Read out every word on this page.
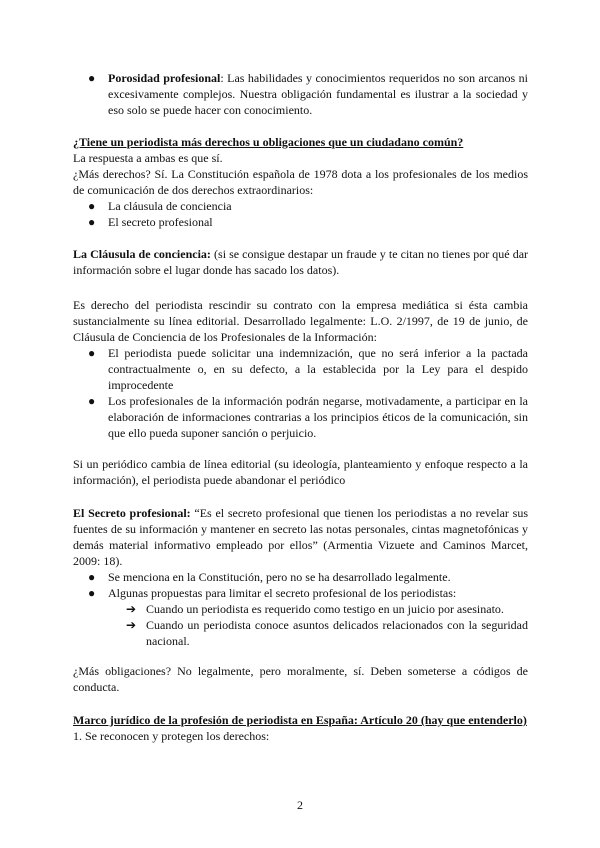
● Porosidad profesional: Las habilidades y conocimientos requeridos no son arcanos ni excesivamente complejos. Nuestra obligación fundamental es ilustrar a la sociedad y eso solo se puede hacer con conocimiento.

¿Tiene un periodista más derechos u obligaciones que un ciudadano común?

La respuesta a ambas es que sí.

¿Más derechos? Sí. La Constitución española de 1978 dota a los profesionales de los medios de comunicación de dos derechos extraordinarios:

● La cláusula de conciencia
● El secreto profesional

La Cláusula de conciencia: (si se consigue destapar un fraude y te citan no tienes por qué dar información sobre el lugar donde has sacado los datos).

Es derecho del periodista rescindir su contrato con la empresa mediática si ésta cambia sustancialmente su línea editorial. Desarrollado legalmente: L.O. 2/1997, de 19 de junio, de Cláusula de Conciencia de los Profesionales de la Información:

● El periodista puede solicitar una indemnización, que no será inferior a la pactada contractualmente o, en su defecto, a la establecida por la Ley para el despido improcedente
● Los profesionales de la información podrán negarse, motivadamente, a participar en la elaboración de informaciones contrarias a los principios éticos de la comunicación, sin que ello pueda suponer sanción o perjuicio.

Si un periódico cambia de línea editorial (su ideología, planteamiento y enfoque respecto a la información), el periodista puede abandonar el periódico

El Secreto profesional: “Es el secreto profesional que tienen los periodistas a no revelar sus fuentes de su información y mantener en secreto las notas personales, cintas magnetofónicas y demás material informativo empleado por ellos” (Armentia Vizuete and Caminos Marcet, 2009: 18).

● Se menciona en la Constitución, pero no se ha desarrollado legalmente.
● Algunas propuestas para limitar el secreto profesional de los periodistas:
➔ Cuando un periodista es requerido como testigo en un juicio por asesinato.
➔ Cuando un periodista conoce asuntos delicados relacionados con la seguridad nacional.

¿Más obligaciones? No legalmente, pero moralmente, sí. Deben someterse a códigos de conducta.

Marco jurídico de la profesión de periodista en España: Artículo 20 (hay que entenderlo)

1. Se reconocen y protegen los derechos:

2
